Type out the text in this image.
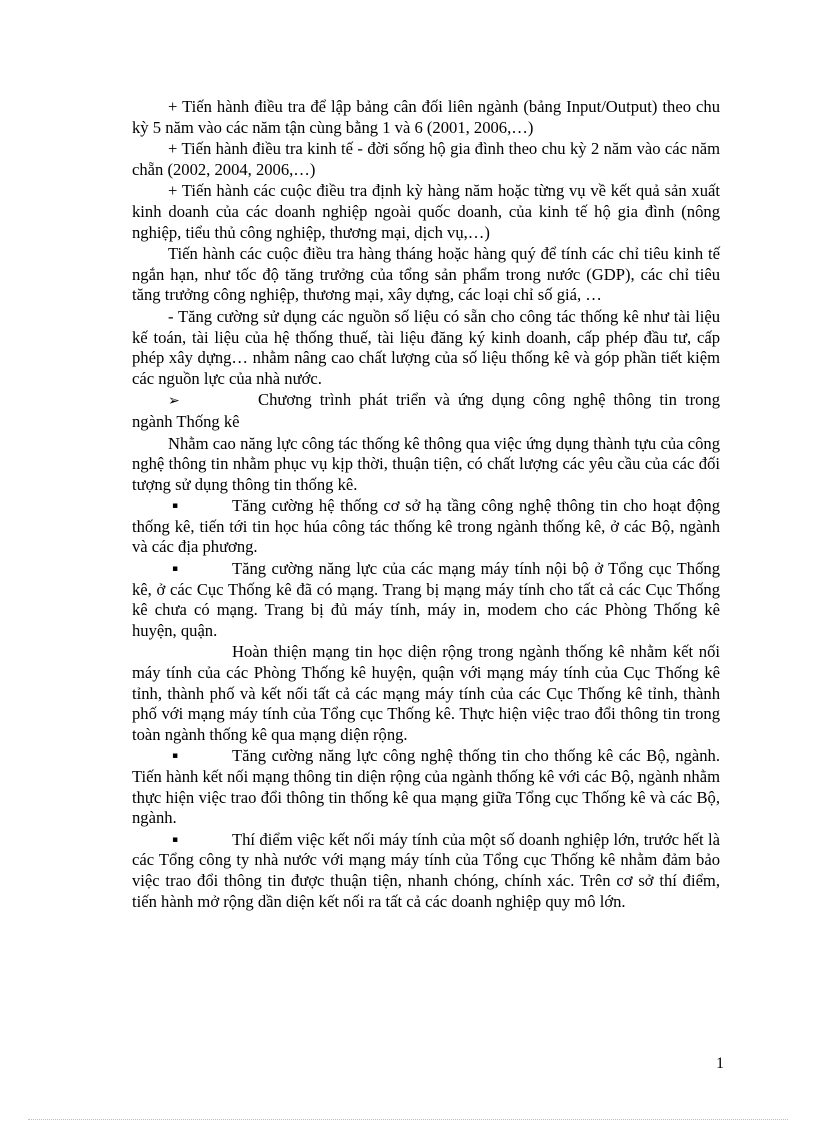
+ Tiến hành điều tra để lập bảng cân đối liên ngành (bảng Input/Output) theo chu kỳ 5 năm vào các năm tận cùng bằng 1 và 6 (2001, 2006,…)

+ Tiến hành điều tra kinh tế - đời sống hộ gia đình theo chu kỳ 2 năm vào các năm chẵn (2002, 2004, 2006,…)

+ Tiến hành các cuộc điều tra định kỳ hàng năm hoặc từng vụ về kết quả sản xuất kinh doanh của các doanh nghiệp ngoài quốc doanh, của kinh tế hộ gia đình (nông nghiệp, tiểu thủ công nghiệp, thương mại, dịch vụ,…)

Tiến hành các cuộc điều tra hàng tháng hoặc hàng quý để tính các chỉ tiêu kinh tế ngắn hạn, như tốc độ tăng trưởng của tổng sản phẩm trong nước (GDP), các chỉ tiêu tăng trưởng công nghiệp, thương mại, xây dựng, các loại chỉ số giá, …

- Tăng cường sử dụng các nguồn số liệu có sẵn cho công tác thống kê như tài liệu kế toán, tài liệu của hệ thống thuế, tài liệu đăng ký kinh doanh, cấp phép đầu tư, cấp phép xây dựng… nhằm nâng cao chất lượng của số liệu thống kê và góp phần tiết kiệm các nguồn lực của nhà nước.

➢	Chương trình phát triển và ứng dụng công nghệ thông tin trong ngành Thống kê

Nhằm cao năng lực công tác thống kê thông qua việc ứng dụng thành tựu của công nghệ thông tin nhằm phục vụ kịp thời, thuận tiện, có chất lượng các yêu cầu của các đối tượng sử dụng thông tin thống kê.

▪	Tăng cường hệ thống cơ sở hạ tầng công nghệ thông tin cho hoạt động thống kê, tiến tới tin học húa công tác thống kê trong ngành thống kê, ở các Bộ, ngành và các địa phương.

▪	Tăng cường năng lực của các mạng máy tính nội bộ ở Tổng cục Thống kê, ở các Cục Thống kê đã có mạng. Trang bị mạng máy tính cho tất cả các Cục Thống kê chưa có mạng. Trang bị đủ máy tính, máy in, modem cho các Phòng Thống kê huyện, quận.

Hoàn thiện mạng tin học diện rộng trong ngành thống kê nhằm kết nối máy tính của các Phòng Thống kê huyện, quận với mạng máy tính của Cục Thống kê tỉnh, thành phố và kết nối tất cả các mạng máy tính của các Cục Thống kê tỉnh, thành phố với mạng máy tính của Tổng cục Thống kê. Thực hiện việc trao đổi thông tin trong toàn ngành thống kê qua mạng diện rộng.

▪	Tăng cường năng lực công nghệ thống tin cho thống kê các Bộ, ngành. Tiến hành kết nối mạng thông tin diện rộng của ngành thống kê với các Bộ, ngành nhằm thực hiện việc trao đổi thông tin thống kê qua mạng giữa Tổng cục Thống kê và các Bộ, ngành.

▪	Thí điểm việc kết nối máy tính của một số doanh nghiệp lớn, trước hết là các Tổng công ty nhà nước với mạng máy tính của Tổng cục Thống kê nhằm đảm bảo việc trao đổi thông tin được thuận tiện, nhanh chóng, chính xác. Trên cơ sở thí điểm, tiến hành mở rộng dần diện kết nối ra tất cả các doanh nghiệp quy mô lớn.

1
